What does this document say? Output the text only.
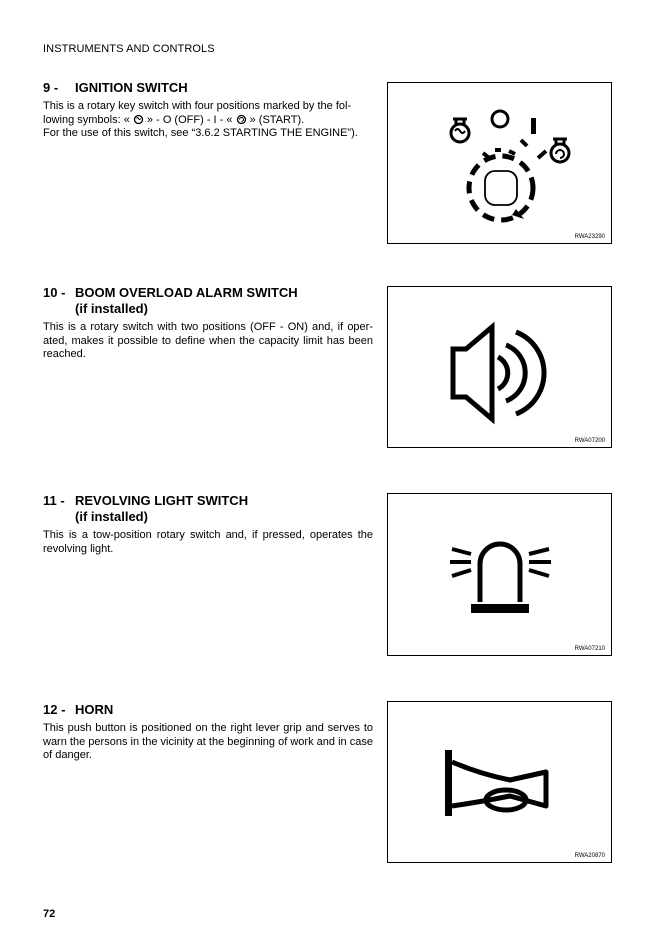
INSTRUMENTS AND CONTROLS
9 -	IGNITION SWITCH
This is a rotary key switch with four positions marked by the fol-
lowing symbols: «  » - O (OFF) - I - «  » (START).
For the use of this switch, see “3.6.2 STARTING THE ENGINE”).
RWA23290
10 - BOOM OVERLOAD ALARM SWITCH
(if installed)
This is a rotary switch with two positions (OFF - ON) and, if oper-ated, makes it possible to define when the capacity limit has been reached.
RWA07200
11 - REVOLVING LIGHT SWITCH
(if installed)
This is a tow-position rotary switch and, if pressed, operates the revolving light.
RWA07210
12 - HORN
This push button is positioned on the right lever grip and serves to warn the persons in the vicinity at the beginning of work and in case of danger.
RWA20870
72
